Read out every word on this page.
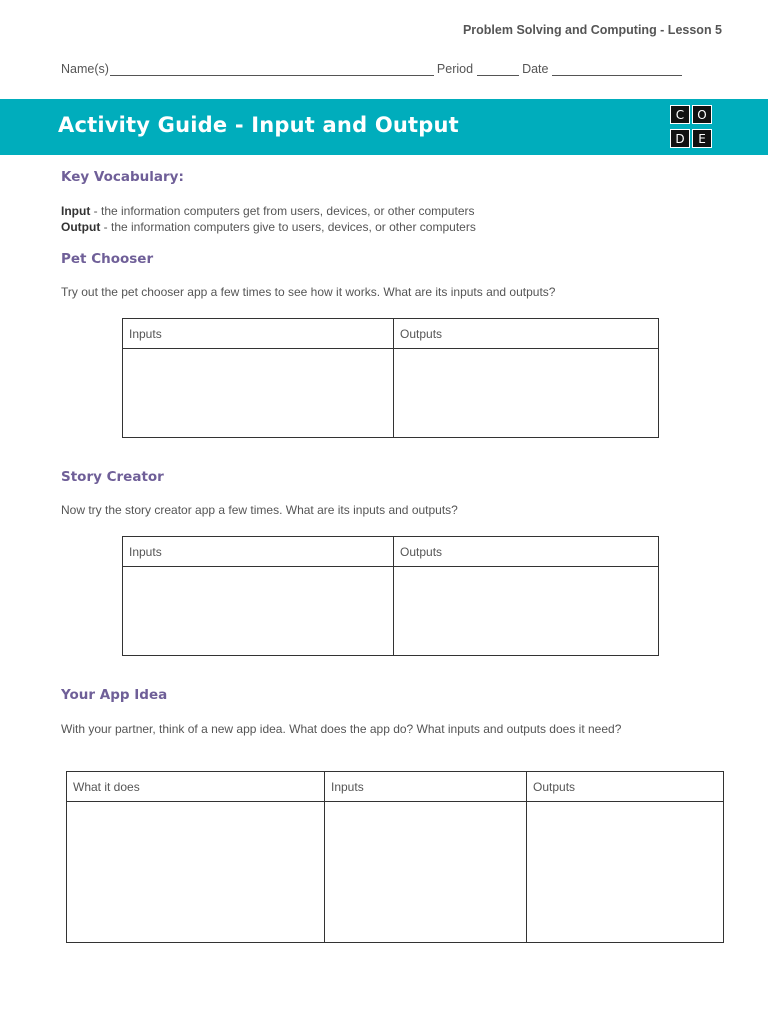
Problem Solving and Computing - Lesson 5
Name(s)	Period	Date
Activity Guide - Input and Output	C	O
D	E
Key Vocabulary:
Input - the information computers get from users, devices, or other computers
Output - the information computers give to users, devices, or other computers
Pet Chooser
Try out the pet chooser app a few times to see how it works. What are its inputs and outputs?
Inputs	Outputs

Story Creator
Now try the story creator app a few times. What are its inputs and outputs?
Inputs	Outputs

Your App Idea
With your partner, think of a new app idea. What does the app do? What inputs and outputs does it need?
What it does	Inputs	Outputs
